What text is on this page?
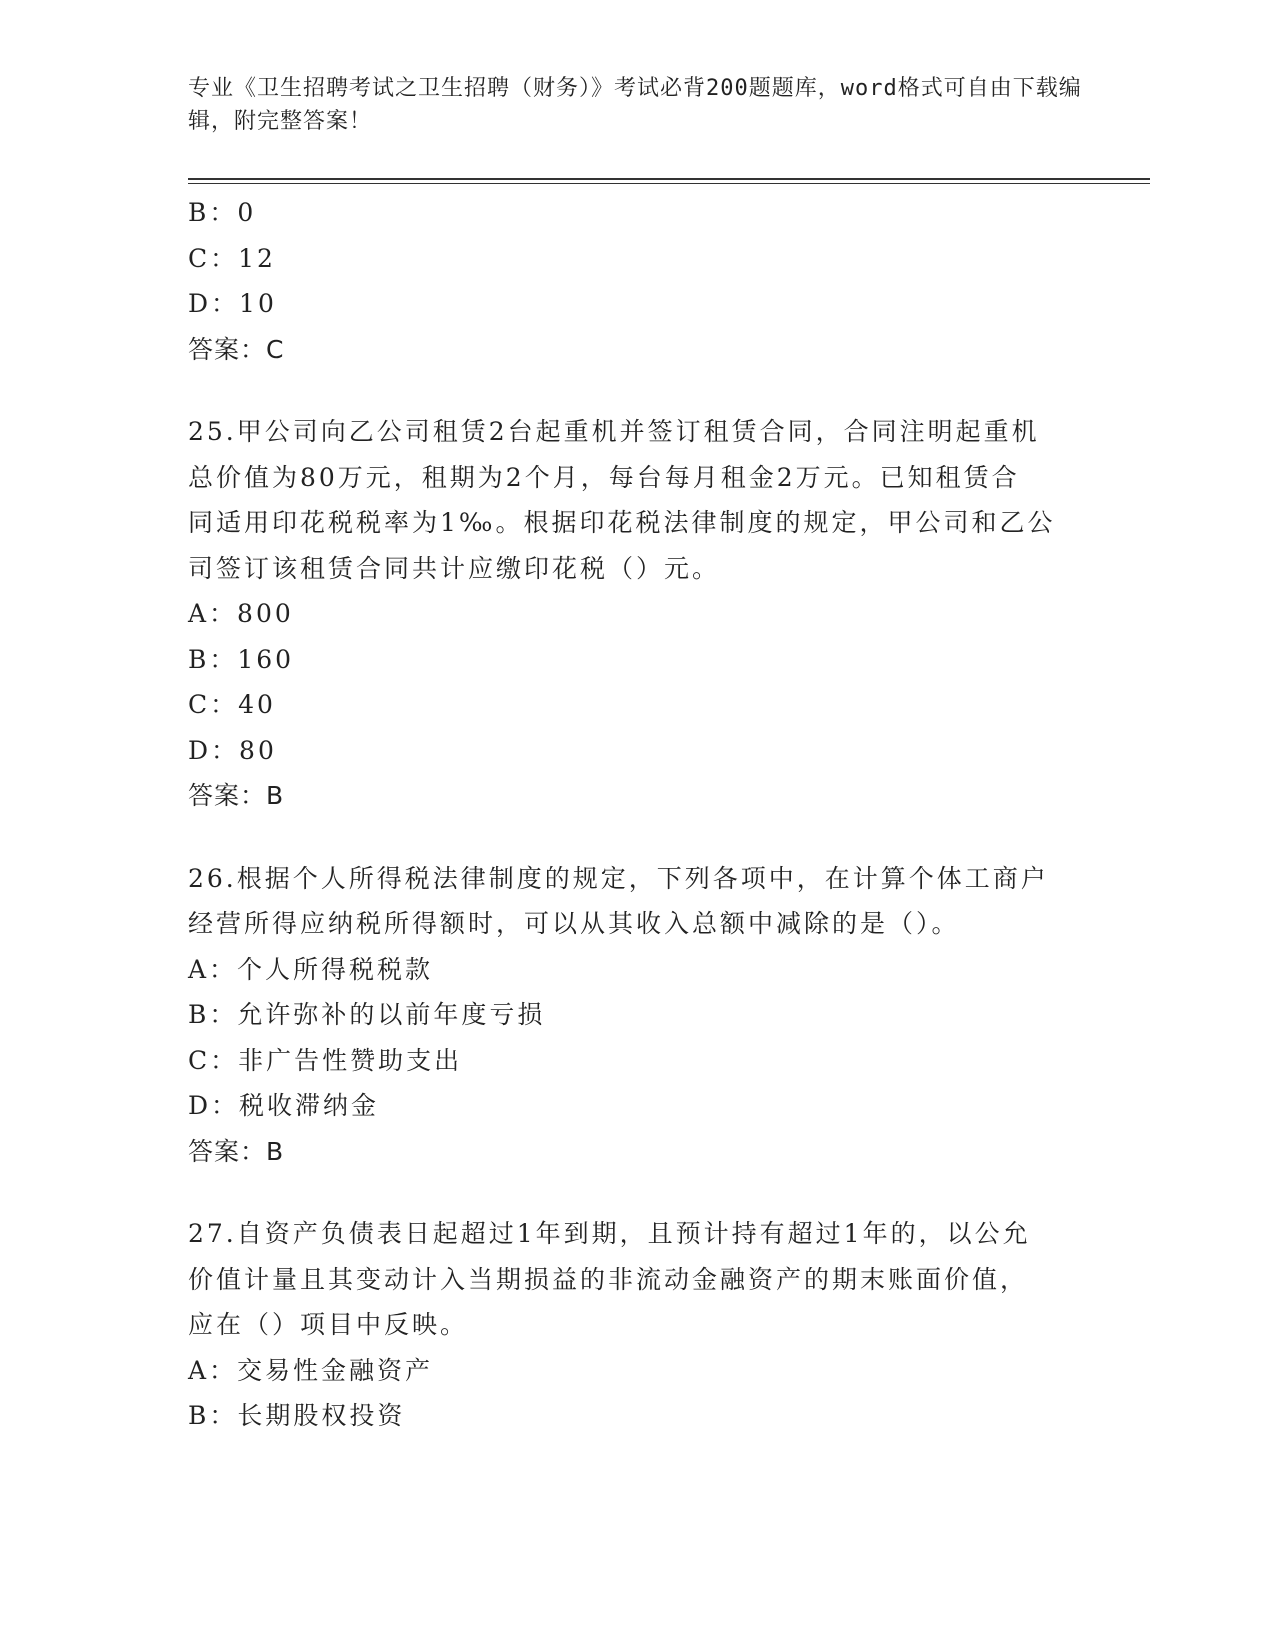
专业《卫生招聘考试之卫生招聘（财务）》考试必背200题题库，word格式可自由下载编辑，附完整答案！
B：0
C：12
D：10
答案：C
25.甲公司向乙公司租赁2台起重机并签订租赁合同，合同注明起重机
总价值为80万元，租期为2个月，每台每月租金2万元。已知租赁合
同适用印花税税率为1‰。根据印花税法律制度的规定，甲公司和乙公
司签订该租赁合同共计应缴印花税（）元。
A：800
B：160
C：40
D：80
答案：B
26.根据个人所得税法律制度的规定，下列各项中，在计算个体工商户
经营所得应纳税所得额时，可以从其收入总额中减除的是（）。
A：个人所得税税款
B：允许弥补的以前年度亏损
C：非广告性赞助支出
D：税收滞纳金
答案：B
27.自资产负债表日起超过1年到期，且预计持有超过1年的，以公允
价值计量且其变动计入当期损益的非流动金融资产的期末账面价值，
应在（）项目中反映。
A：交易性金融资产
B：长期股权投资
